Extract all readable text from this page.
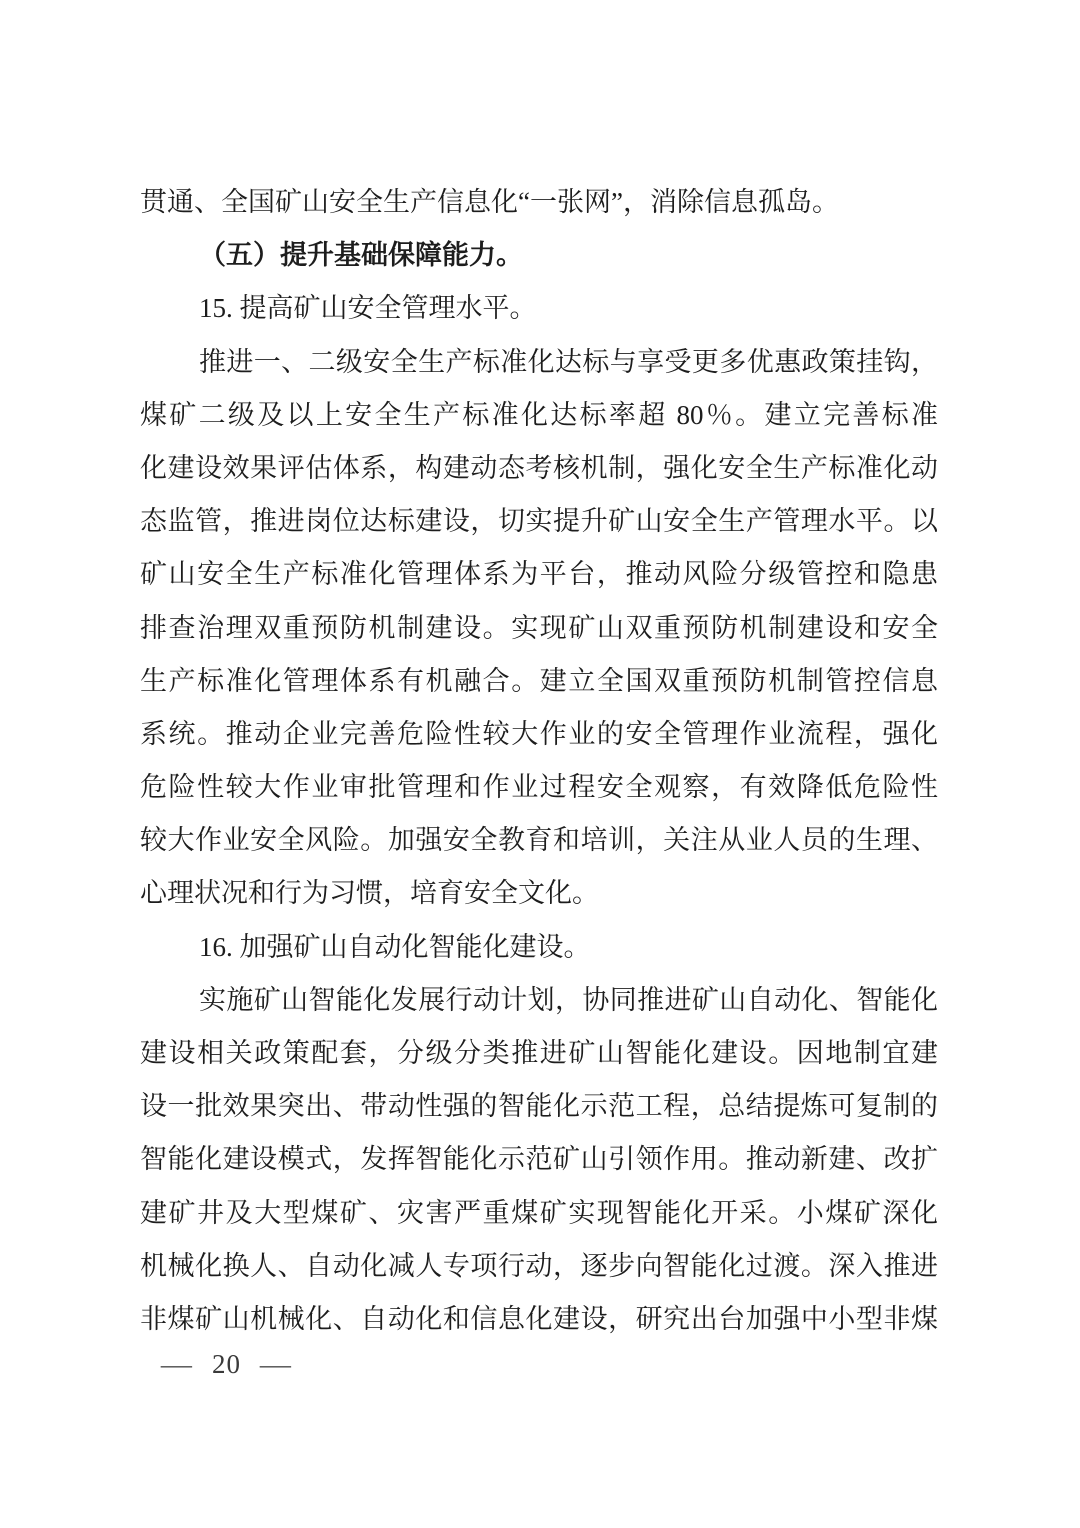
贯通、全国矿山安全生产信息化“一张网”，消除信息孤岛。
（五）提升基础保障能力。
15. 提高矿山安全管理水平。
推进一、二级安全生产标准化达标与享受更多优惠政策挂钩，
煤矿二级及以上安全生产标准化达标率超 80％。建立完善标准
化建设效果评估体系，构建动态考核机制，强化安全生产标准化动
态监管，推进岗位达标建设，切实提升矿山安全生产管理水平。以
矿山安全生产标准化管理体系为平台，推动风险分级管控和隐患
排查治理双重预防机制建设。实现矿山双重预防机制建设和安全
生产标准化管理体系有机融合。建立全国双重预防机制管控信息
系统。推动企业完善危险性较大作业的安全管理作业流程，强化
危险性较大作业审批管理和作业过程安全观察，有效降低危险性
较大作业安全风险。加强安全教育和培训，关注从业人员的生理、
心理状况和行为习惯，培育安全文化。
16. 加强矿山自动化智能化建设。
实施矿山智能化发展行动计划，协同推进矿山自动化、智能化
建设相关政策配套，分级分类推进矿山智能化建设。因地制宜建
设一批效果突出、带动性强的智能化示范工程，总结提炼可复制的
智能化建设模式，发挥智能化示范矿山引领作用。推动新建、改扩
建矿井及大型煤矿、灾害严重煤矿实现智能化开采。小煤矿深化
机械化换人、自动化减人专项行动，逐步向智能化过渡。深入推进
非煤矿山机械化、自动化和信息化建设，研究出台加强中小型非煤
— 20 —
